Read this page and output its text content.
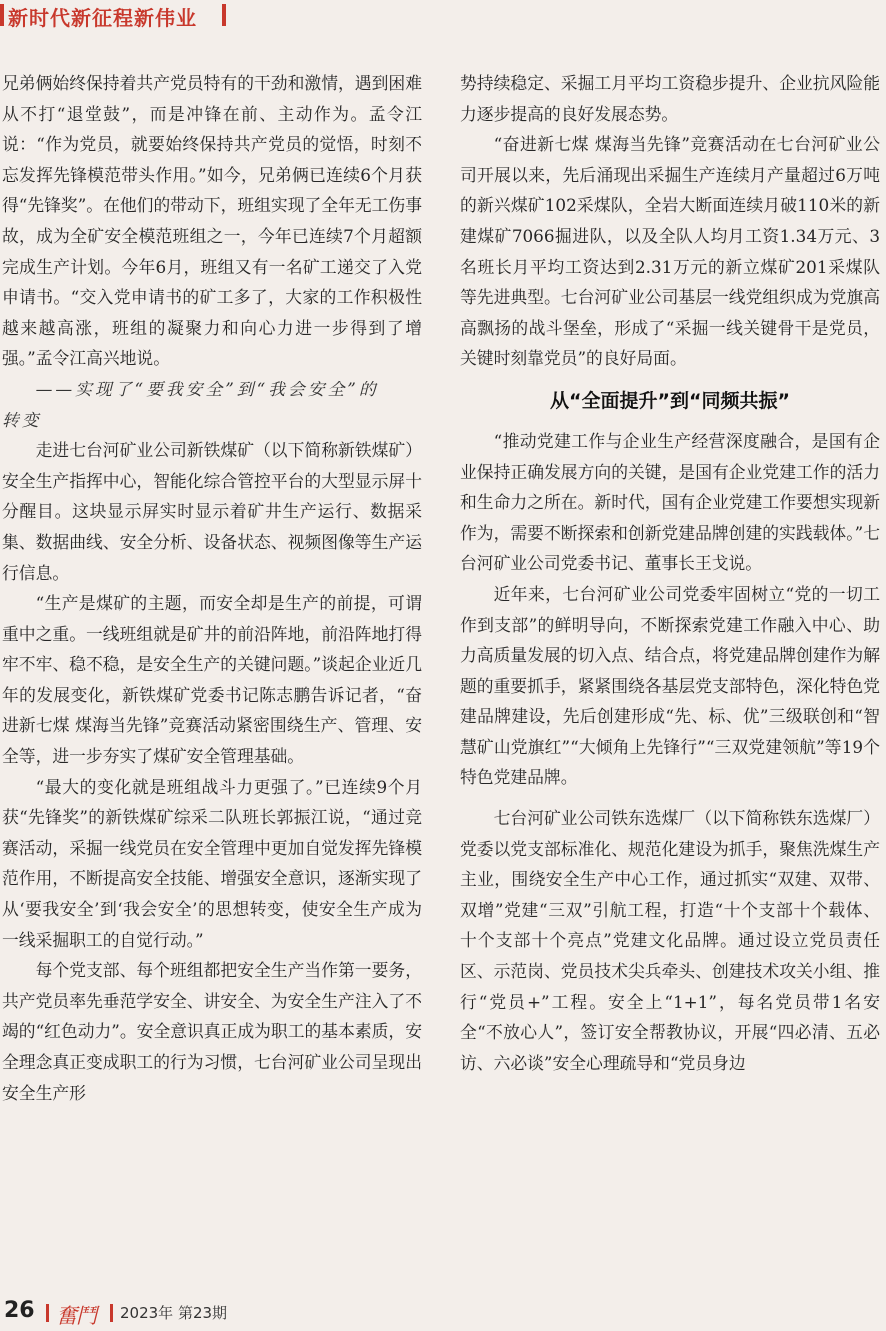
新时代新征程新伟业

兄弟俩始终保持着共产党员特有的干劲和激情，遇到困难从不打“退堂鼓”，而是冲锋在前、主动作为。孟令江说：“作为党员，就要始终保持共产党员的觉悟，时刻不忘发挥先锋模范带头作用。”如今，兄弟俩已连续6个月获得“先锋奖”。在他们的带动下，班组实现了全年无工伤事故，成为全矿安全模范班组之一，今年已连续7个月超额完成生产计划。今年6月，班组又有一名矿工递交了入党申请书。“交入党申请书的矿工多了，大家的工作积极性越来越高涨，班组的凝聚力和向心力进一步得到了增强。”孟令江高兴地说。

——实现了“要我安全”到“我会安全”的

转变

走进七台河矿业公司新铁煤矿（以下简称新铁煤矿）安全生产指挥中心，智能化综合管控平台的大型显示屏十分醒目。这块显示屏实时显示着矿井生产运行、数据采集、数据曲线、安全分析、设备状态、视频图像等生产运行信息。

“生产是煤矿的主题，而安全却是生产的前提，可谓重中之重。一线班组就是矿井的前沿阵地，前沿阵地打得牢不牢、稳不稳，是安全生产的关键问题。”谈起企业近几年的发展变化，新铁煤矿党委书记陈志鹏告诉记者，“奋进新七煤 煤海当先锋”竞赛活动紧密围绕生产、管理、安全等，进一步夯实了煤矿安全管理基础。

“最大的变化就是班组战斗力更强了。”已连续9个月获“先锋奖”的新铁煤矿综采二队班长郭振江说，“通过竞赛活动，采掘一线党员在安全管理中更加自觉发挥先锋模范作用，不断提高安全技能、增强安全意识，逐渐实现了从‘要我安全’到‘我会安全’的思想转变，使安全生产成为一线采掘职工的自觉行动。”

每个党支部、每个班组都把安全生产当作第一要务，共产党员率先垂范学安全、讲安全、为安全生产注入了不竭的“红色动力”。安全意识真正成为职工的基本素质，安全理念真正变成职工的行为习惯，七台河矿业公司呈现出安全生产形

势持续稳定、采掘工月平均工资稳步提升、企业抗风险能力逐步提高的良好发展态势。

“奋进新七煤 煤海当先锋”竞赛活动在七台河矿业公司开展以来，先后涌现出采掘生产连续月产量超过6万吨的新兴煤矿102采煤队，全岩大断面连续月破110米的新建煤矿7066掘进队，以及全队人均月工资1.34万元、3名班长月平均工资达到2.31万元的新立煤矿201采煤队等先进典型。七台河矿业公司基层一线党组织成为党旗高高飘扬的战斗堡垒，形成了“采掘一线关键骨干是党员，关键时刻靠党员”的良好局面。

从“全面提升”到“同频共振”

“推动党建工作与企业生产经营深度融合，是国有企业保持正确发展方向的关键，是国有企业党建工作的活力和生命力之所在。新时代，国有企业党建工作要想实现新作为，需要不断探索和创新党建品牌创建的实践载体。”七台河矿业公司党委书记、董事长王戈说。

近年来，七台河矿业公司党委牢固树立“党的一切工作到支部”的鲜明导向，不断探索党建工作融入中心、助力高质量发展的切入点、结合点，将党建品牌创建作为解题的重要抓手，紧紧围绕各基层党支部特色，深化特色党建品牌建设，先后创建形成“先、标、优”三级联创和“智慧矿山党旗红”“大倾角上先锋行”“三双党建领航”等19个特色党建品牌。

七台河矿业公司铁东选煤厂（以下简称铁东选煤厂）党委以党支部标准化、规范化建设为抓手，聚焦洗煤生产主业，围绕安全生产中心工作，通过抓实“双建、双带、双增”党建“三双”引航工程，打造“十个支部十个载体、十个支部十个亮点”党建文化品牌。通过设立党员责任区、示范岗、党员技术尖兵牵头、创建技术攻关小组、推行“党员+”工程。安全上“1+1”，每名党员带1名安全“不放心人”，签订安全帮教协议，开展“四必清、五必访、六必谈”安全心理疏导和“党员身边

26 奮鬥 2023年 第23期
